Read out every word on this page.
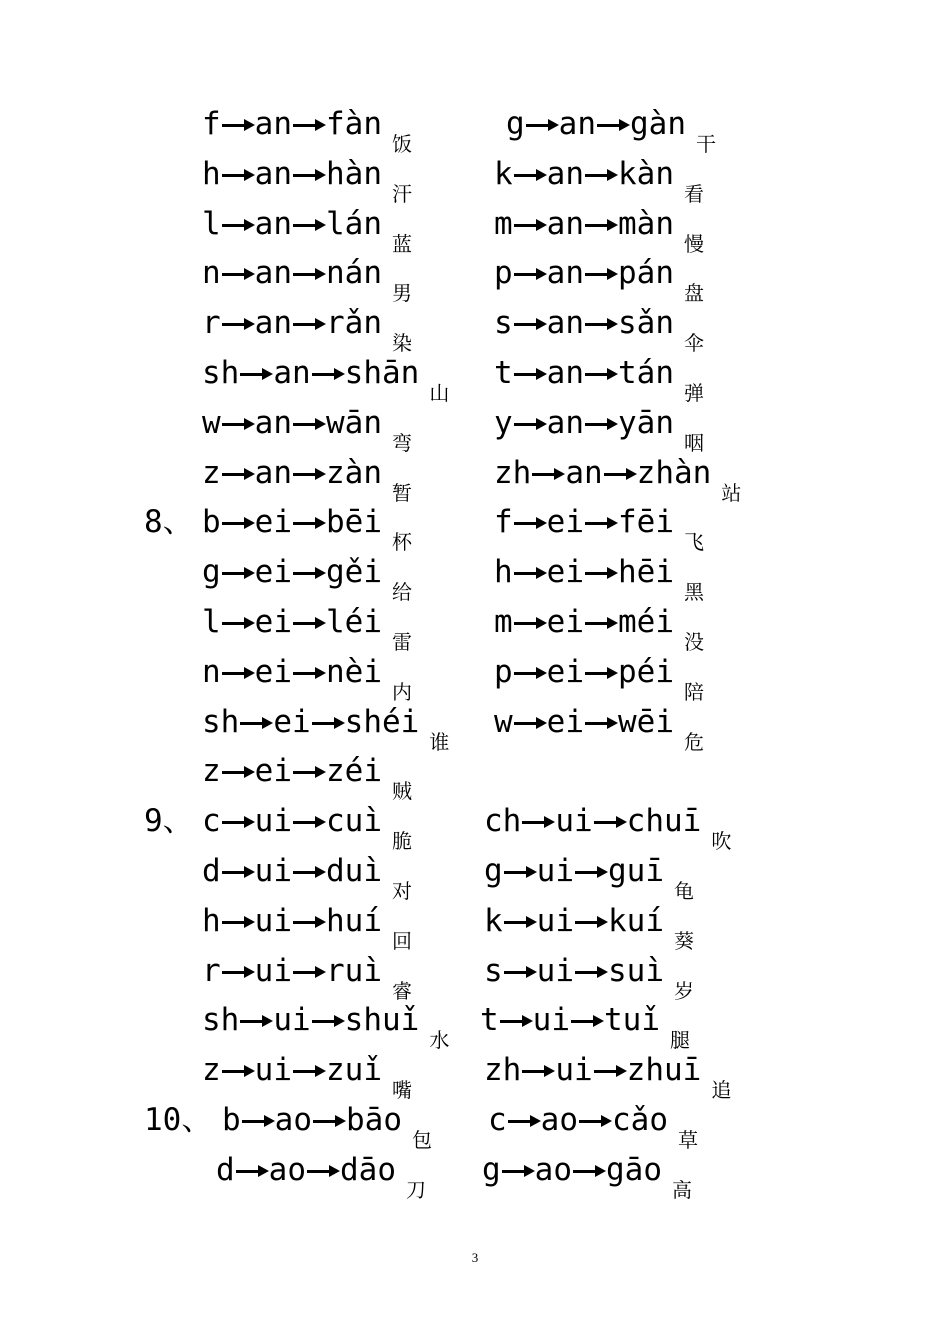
f an fàn饭
g an gàn干
h an hàn汗
k an kàn看
l an lán蓝
m an màn慢
n an nán男
p an pán盘
r an rǎn染
s an sǎn伞
sh an shān山
t an tán弹
w an wān弯
y an yān咽
z an zàn暂
zh an zhàn站
8、 b ei bēi杯
f ei fēi飞
g ei gěi给
h ei hēi黑
l ei léi雷
m ei méi没
n ei nèi内
p ei péi陪
sh ei shéi谁
w ei wēi危
z ei zéi贼
9、 c ui cuì脆
ch ui chuī吹
d ui duì对
g ui guī龟
h ui huí回
k ui kuí葵
r ui ruì睿
s ui suì岁
sh ui shuǐ水
t ui tuǐ腿
z ui zuǐ嘴
zh ui zhuī追
10、 b ao bāo包
c ao cǎo草
d ao dāo刀
g ao gāo高
3
